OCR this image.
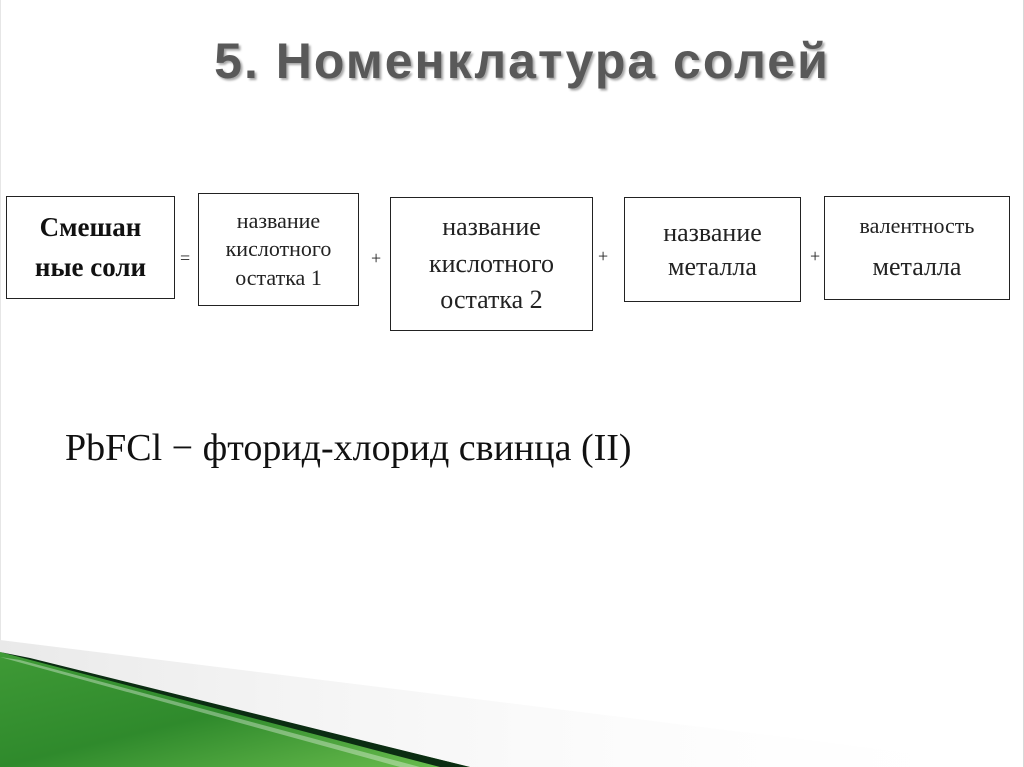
5. Номенклатура солей
Смешан
ные соли =
название
кислотного
остатка 1
+
название
кислотного
остатка 2
+
название
металла	+
валентность
металла
PbFCl − фторид-хлорид свинца (II)
